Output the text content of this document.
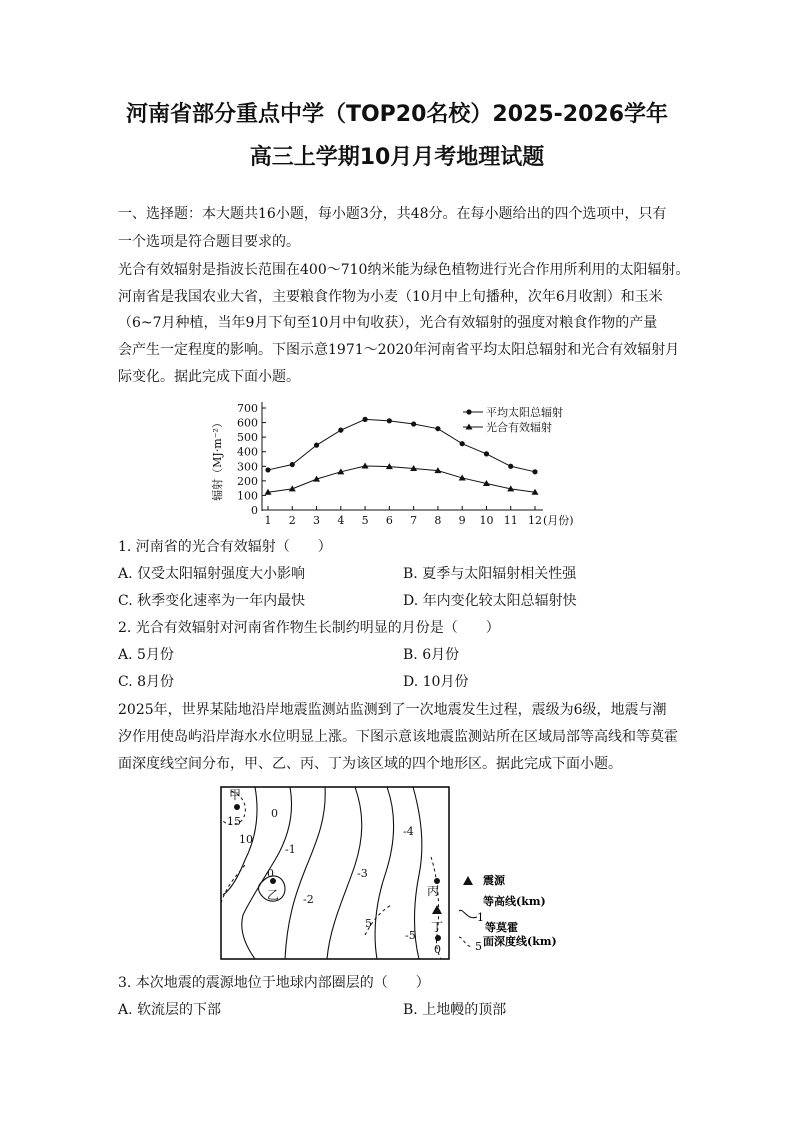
河南省部分重点中学（TOP20名校）2025-2026学年
高三上学期10月月考地理试题
一、选择题：本大题共16小题，每小题3分，共48分。在每小题给出的四个选项中，只有
一个选项是符合题目要求的。
光合有效辐射是指波长范围在400～710纳米能为绿色植物进行光合作用所利用的太阳辐射。
河南省是我国农业大省，主要粮食作物为小麦（10月中上旬播种，次年6月收割）和玉米
（6~7月种植，当年9月下旬至10月中旬收获），光合有效辐射的强度对粮食作物的产量
会产生一定程度的影响。下图示意1971～2020年河南省平均太阳总辐射和光合有效辐射月
际变化。据此完成下面小题。
0
100
200
300
400
500
600
700
1 2 3 4 5 6 7 8 9 10 11 12 (月份)
辐射（MJ·m⁻²）
平均太阳总辐射
光合有效辐射
1. 河南省的光合有效辐射（　　）
A. 仅受太阳辐射强度大小影响	B. 夏季与太阳辐射相关性强
C. 秋季变化速率为一年内最快	D. 年内变化较太阳总辐射快
2. 光合有效辐射对河南省作物生长制约明显的月份是（　　）
A. 5月份	B. 6月份
C. 8月份	D. 10月份
2025年，世界某陆地沿岸地震监测站监测到了一次地震发生过程，震级为6级，地震与潮
汐作用使岛屿沿岸海水水位明显上涨。下图示意该地震监测站所在区域局部等高线和等莫霍
面深度线空间分布，甲、乙、丙、丁为该区域的四个地形区。据此完成下面小题。
甲
乙	丙
丁
0
-1
-2
-3
-4
-5
0
0
15
10
5
震源
1
等高线(km)
5
等莫霍
面深度线(km)
3. 本次地震的震源地位于地球内部圈层的（　　）
A. 软流层的下部	B. 上地幔的顶部
